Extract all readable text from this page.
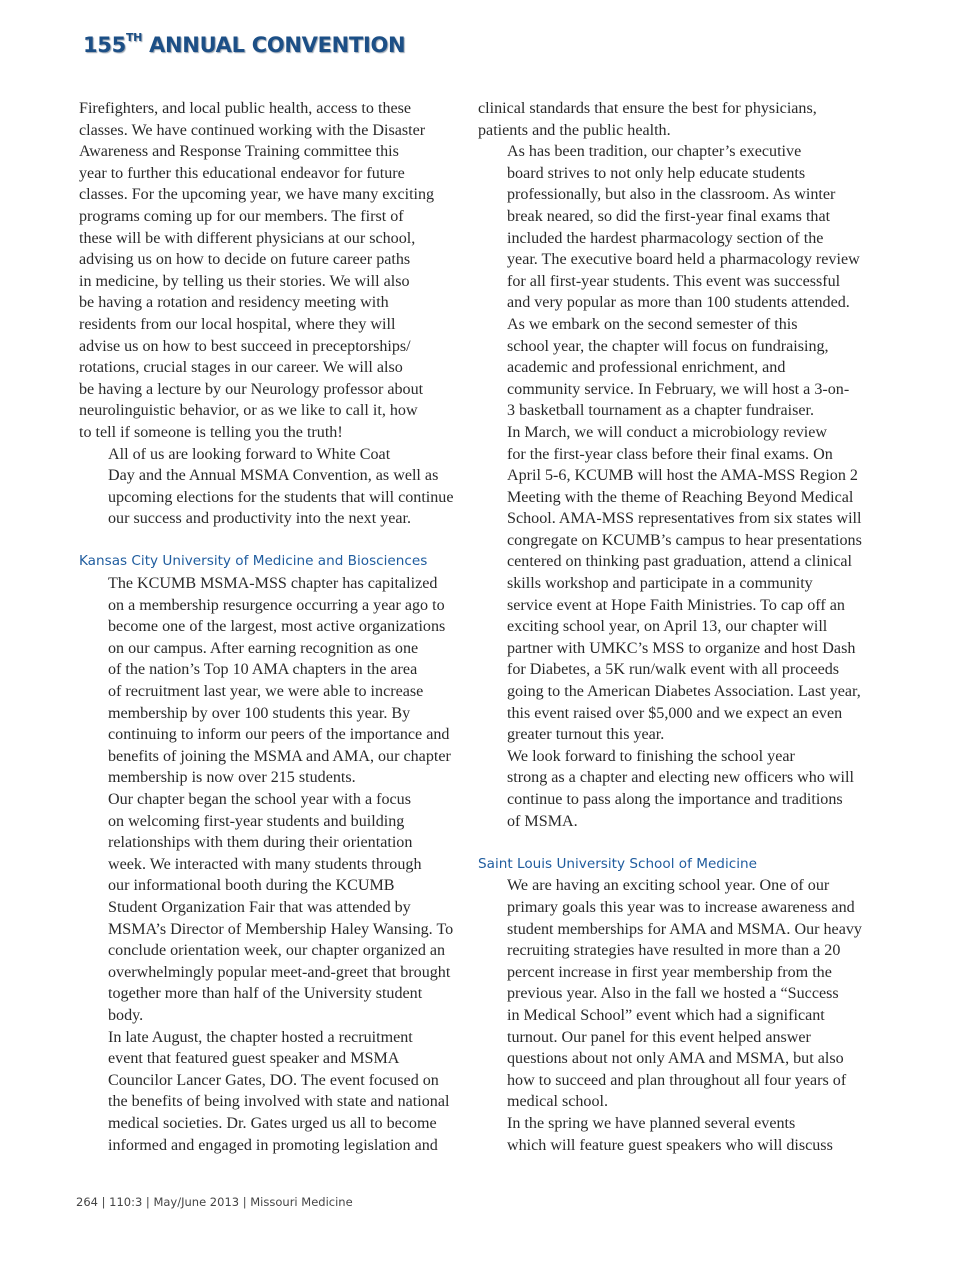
155TH ANNUAL CONVENTION

Firefighters, and local public health, access to these
classes. We have continued working with the Disaster
Awareness and Response Training committee this
year to further this educational endeavor for future
classes. For the upcoming year, we have many exciting
programs coming up for our members. The first of
these will be with different physicians at our school,
advising us on how to decide on future career paths
in medicine, by telling us their stories. We will also
be having a rotation and residency meeting with
residents from our local hospital, where they will
advise us on how to best succeed in preceptorships/
rotations, crucial stages in our career. We will also
be having a lecture by our Neurology professor about
neurolinguistic behavior, or as we like to call it, how
to tell if someone is telling you the truth!

All of us are looking forward to White Coat
Day and the Annual MSMA Convention, as well as
upcoming elections for the students that will continue
our success and productivity into the next year.

Kansas City University of Medicine and Biosciences

The KCUMB MSMA-MSS chapter has capitalized
on a membership resurgence occurring a year ago to
become one of the largest, most active organizations
on our campus. After earning recognition as one
of the nation’s Top 10 AMA chapters in the area
of recruitment last year, we were able to increase
membership by over 100 students this year. By
continuing to inform our peers of the importance and
benefits of joining the MSMA and AMA, our chapter
membership is now over 215 students.

Our chapter began the school year with a focus
on welcoming first-year students and building
relationships with them during their orientation
week. We interacted with many students through
our informational booth during the KCUMB
Student Organization Fair that was attended by
MSMA’s Director of Membership Haley Wansing. To
conclude orientation week, our chapter organized an
overwhelmingly popular meet-and-greet that brought
together more than half of the University student
body.

In late August, the chapter hosted a recruitment
event that featured guest speaker and MSMA
Councilor Lancer Gates, DO. The event focused on
the benefits of being involved with state and national
medical societies. Dr. Gates urged us all to become
informed and engaged in promoting legislation and

clinical standards that ensure the best for physicians,
patients and the public health.

As has been tradition, our chapter’s executive
board strives to not only help educate students
professionally, but also in the classroom. As winter
break neared, so did the first-year final exams that
included the hardest pharmacology section of the
year. The executive board held a pharmacology review
for all first-year students. This event was successful
and very popular as more than 100 students attended.

As we embark on the second semester of this
school year, the chapter will focus on fundraising,
academic and professional enrichment, and
community service. In February, we will host a 3-on-
3 basketball tournament as a chapter fundraiser.
In March, we will conduct a microbiology review
for the first-year class before their final exams. On
April 5-6, KCUMB will host the AMA-MSS Region 2
Meeting with the theme of Reaching Beyond Medical
School. AMA-MSS representatives from six states will
congregate on KCUMB’s campus to hear presentations
centered on thinking past graduation, attend a clinical
skills workshop and participate in a community
service event at Hope Faith Ministries. To cap off an
exciting school year, on April 13, our chapter will
partner with UMKC’s MSS to organize and host Dash
for Diabetes, a 5K run/walk event with all proceeds
going to the American Diabetes Association. Last year,
this event raised over $5,000 and we expect an even
greater turnout this year.

We look forward to finishing the school year
strong as a chapter and electing new officers who will
continue to pass along the importance and traditions
of MSMA.

Saint Louis University School of Medicine

We are having an exciting school year. One of our
primary goals this year was to increase awareness and
student memberships for AMA and MSMA. Our heavy
recruiting strategies have resulted in more than a 20
percent increase in first year membership from the
previous year. Also in the fall we hosted a “Success
in Medical School” event which had a significant
turnout. Our panel for this event helped answer
questions about not only AMA and MSMA, but also
how to succeed and plan throughout all four years of
medical school.

In the spring we have planned several events
which will feature guest speakers who will discuss

264 | 110:3 | May/June 2013 | Missouri Medicine
